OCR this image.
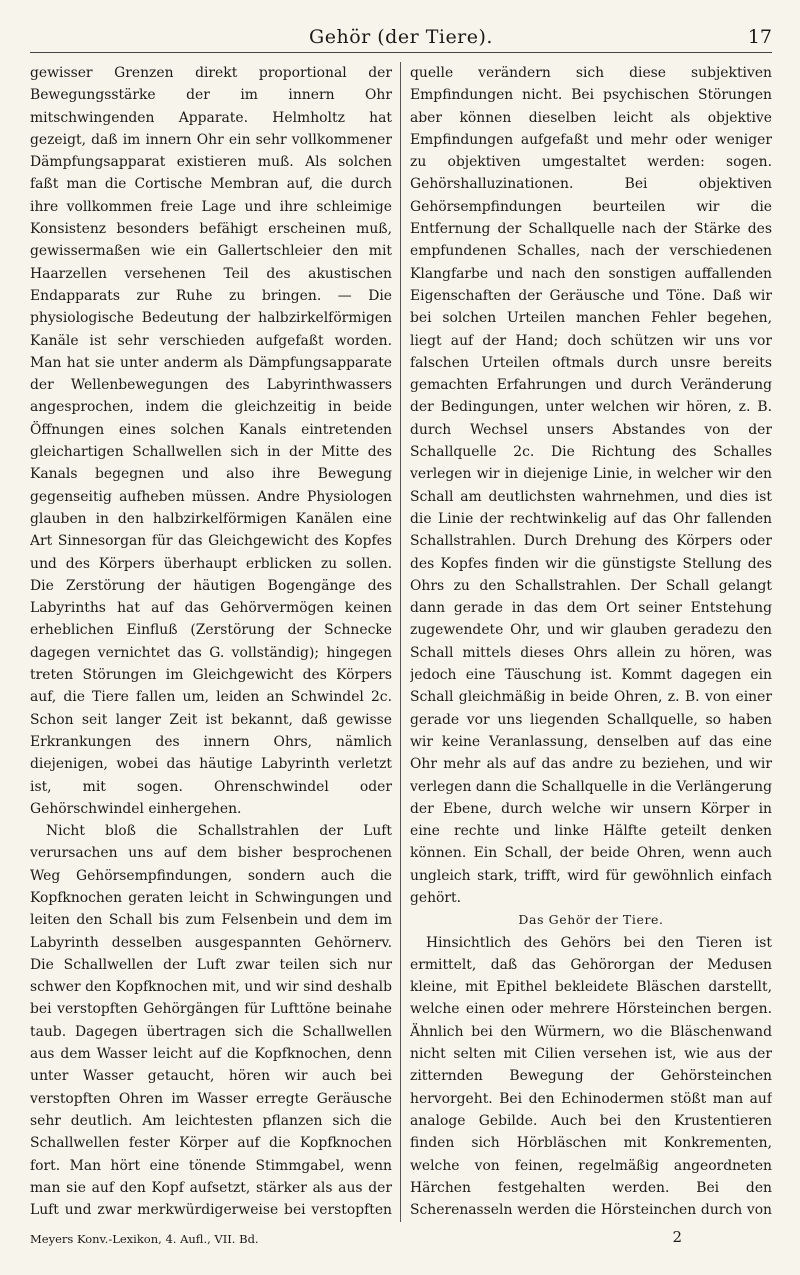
Gehör (der Tiere).	17

gewisser Grenzen direkt proportional der Bewegungsstärke der im innern Ohr mitschwingenden Apparate. Helmholtz hat gezeigt, daß im innern Ohr ein sehr vollkommener Dämpfungsapparat existieren muß. Als solchen faßt man die Cortische Membran auf, die durch ihre vollkommen freie Lage und ihre schleimige Konsistenz besonders befähigt erscheinen muß, gewissermaßen wie ein Gallertschleier den mit Haarzellen versehenen Teil des akustischen Endapparats zur Ruhe zu bringen. — Die physiologische Bedeutung der halbzirkelförmigen Kanäle ist sehr verschieden aufgefaßt worden. Man hat sie unter anderm als Dämpfungsapparate der Wellenbewegungen des Labyrinthwassers angesprochen, indem die gleichzeitig in beide Öffnungen eines solchen Kanals eintretenden gleichartigen Schallwellen sich in der Mitte des Kanals begegnen und also ihre Bewegung gegenseitig aufheben müssen. Andre Physiologen glauben in den halbzirkelförmigen Kanälen eine Art Sinnesorgan für das Gleichgewicht des Kopfes und des Körpers überhaupt erblicken zu sollen. Die Zerstörung der häutigen Bogengänge des Labyrinths hat auf das Gehörvermögen keinen erheblichen Einfluß (Zerstörung der Schnecke dagegen vernichtet das G. vollständig); hingegen treten Störungen im Gleichgewicht des Körpers auf, die Tiere fallen um, leiden an Schwindel 2c. Schon seit langer Zeit ist bekannt, daß gewisse Erkrankungen des innern Ohrs, nämlich diejenigen, wobei das häutige Labyrinth verletzt ist, mit sogen. Ohrenschwindel oder Gehörschwindel einhergehen.

Nicht bloß die Schallstrahlen der Luft verursachen uns auf dem bisher besprochenen Weg Gehörsempfindungen, sondern auch die Kopfknochen geraten leicht in Schwingungen und leiten den Schall bis zum Felsenbein und dem im Labyrinth desselben ausgespannten Gehörnerv. Die Schallwellen der Luft zwar teilen sich nur schwer den Kopfknochen mit, und wir sind deshalb bei verstopften Gehörgängen für Lufttöne beinahe taub. Dagegen übertragen sich die Schallwellen aus dem Wasser leicht auf die Kopfknochen, denn unter Wasser getaucht, hören wir auch bei verstopften Ohren im Wasser erregte Geräusche sehr deutlich. Am leichtesten pflanzen sich die Schallwellen fester Körper auf die Kopfknochen fort. Man hört eine tönende Stimmgabel, wenn man sie auf den Kopf aufsetzt, stärker als aus der Luft und zwar merkwürdigerweise bei verstopften

quelle verändern sich diese subjektiven Empfindungen nicht. Bei psychischen Störungen aber können dieselben leicht als objektive Empfindungen aufgefaßt und mehr oder weniger zu objektiven umgestaltet werden: sogen. Gehörshalluzinationen. Bei objektiven Gehörsempfindungen beurteilen wir die Entfernung der Schallquelle nach der Stärke des empfundenen Schalles, nach der verschiedenen Klangfarbe und nach den sonstigen auffallenden Eigenschaften der Geräusche und Töne. Daß wir bei solchen Urteilen manchen Fehler begehen, liegt auf der Hand; doch schützen wir uns vor falschen Urteilen oftmals durch unsre bereits gemachten Erfahrungen und durch Veränderung der Bedingungen, unter welchen wir hören, z. B. durch Wechsel unsers Abstandes von der Schallquelle 2c. Die Richtung des Schalles verlegen wir in diejenige Linie, in welcher wir den Schall am deutlichsten wahrnehmen, und dies ist die Linie der rechtwinkelig auf das Ohr fallenden Schallstrahlen. Durch Drehung des Körpers oder des Kopfes finden wir die günstigste Stellung des Ohrs zu den Schallstrahlen. Der Schall gelangt dann gerade in das dem Ort seiner Entstehung zugewendete Ohr, und wir glauben geradezu den Schall mittels dieses Ohrs allein zu hören, was jedoch eine Täuschung ist. Kommt dagegen ein Schall gleichmäßig in beide Ohren, z. B. von einer gerade vor uns liegenden Schallquelle, so haben wir keine Veranlassung, denselben auf das eine Ohr mehr als auf das andre zu beziehen, und wir verlegen dann die Schallquelle in die Verlängerung der Ebene, durch welche wir unsern Körper in eine rechte und linke Hälfte geteilt denken können. Ein Schall, der beide Ohren, wenn auch ungleich stark, trifft, wird für gewöhnlich einfach gehört.

Das Gehör der Tiere.

Hinsichtlich des Gehörs bei den Tieren ist ermittelt, daß das Gehörorgan der Medusen kleine, mit Epithel bekleidete Bläschen darstellt, welche einen oder mehrere Hörsteinchen bergen. Ähnlich bei den Würmern, wo die Bläschenwand nicht selten mit Cilien versehen ist, wie aus der zitternden Bewegung der Gehörsteinchen hervorgeht. Bei den Echinodermen stößt man auf analoge Gebilde. Auch bei den Krustentieren finden sich Hörbläschen mit Konkrementen, welche von feinen, regelmäßig angeordneten Härchen festgehalten werden. Bei den Scherenasseln werden die Hörsteinchen durch von

Meyers Konv.-Lexikon, 4. Aufl., VII. Bd.	2
